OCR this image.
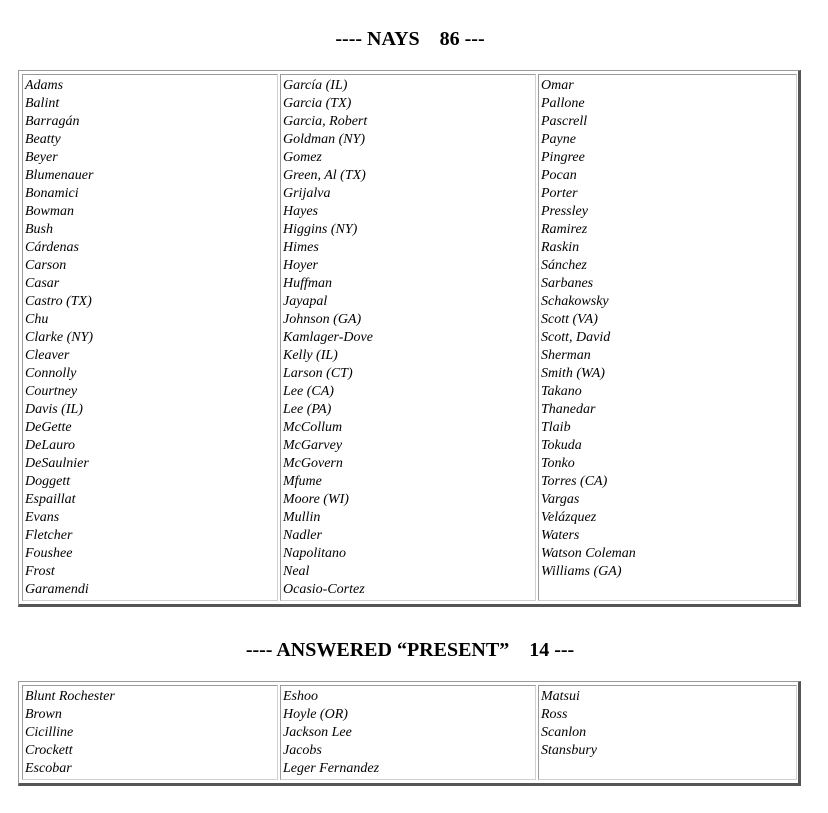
---- NAYS    86 ---
Adams
Balint
Barragán
Beatty
Beyer
Blumenauer
Bonamici
Bowman
Bush
Cárdenas
Carson
Casar
Castro (TX)
Chu
Clarke (NY)
Cleaver
Connolly
Courtney
Davis (IL)
DeGette
DeLauro
DeSaulnier
Doggett
Espaillat
Evans
Fletcher
Foushee
Frost
Garamendi
García (IL)
Garcia (TX)
Garcia, Robert
Goldman (NY)
Gomez
Green, Al (TX)
Grijalva
Hayes
Higgins (NY)
Himes
Hoyer
Huffman
Jayapal
Johnson (GA)
Kamlager-Dove
Kelly (IL)
Larson (CT)
Lee (CA)
Lee (PA)
McCollum
McGarvey
McGovern
Mfume
Moore (WI)
Mullin
Nadler
Napolitano
Neal
Ocasio-Cortez
Omar
Pallone
Pascrell
Payne
Pingree
Pocan
Porter
Pressley
Ramirez
Raskin
Sánchez
Sarbanes
Schakowsky
Scott (VA)
Scott, David
Sherman
Smith (WA)
Takano
Thanedar
Tlaib
Tokuda
Tonko
Torres (CA)
Vargas
Velázquez
Waters
Watson Coleman
Williams (GA)
---- ANSWERED “PRESENT”    14 ---
Blunt Rochester
Brown
Cicilline
Crockett
Escobar
Eshoo
Hoyle (OR)
Jackson Lee
Jacobs
Leger Fernandez
Matsui
Ross
Scanlon
Stansbury
